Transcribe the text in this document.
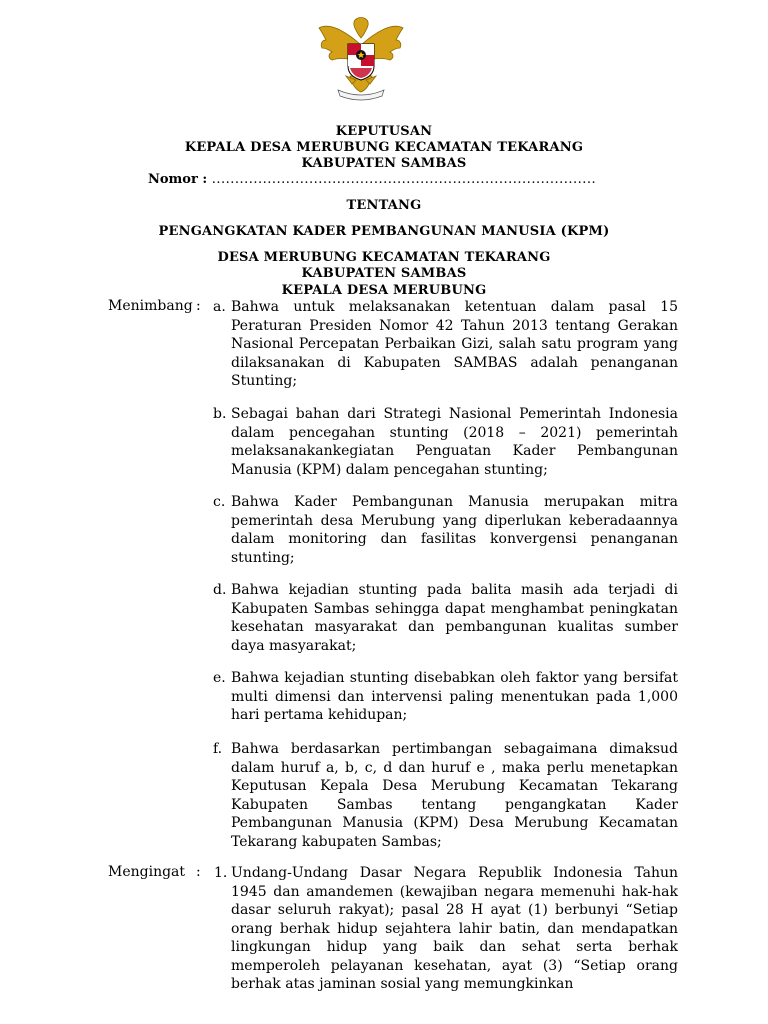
KEPUTUSAN
KEPALA DESA MERUBUNG KECAMATAN TEKARANG
KABUPATEN SAMBAS
Nomor : ...................................................................................
TENTANG
PENGANGKATAN KADER PEMBANGUNAN MANUSIA (KPM)
DESA MERUBUNG KECAMATAN TEKARANG
KABUPATEN SAMBAS
KEPALA DESA MERUBUNG
Menimbang : a. Bahwa untuk melaksanakan ketentuan dalam pasal 15 Peraturan Presiden Nomor 42 Tahun 2013 tentang Gerakan Nasional Percepatan Perbaikan Gizi, salah satu program yang dilaksanakan di Kabupaten SAMBAS adalah penanganan Stunting;
b. Sebagai bahan dari Strategi Nasional Pemerintah Indonesia dalam pencegahan stunting (2018 – 2021) pemerintah melaksanakankegiatan Penguatan Kader Pembangunan Manusia (KPM) dalam pencegahan stunting;
c. Bahwa Kader Pembangunan Manusia merupakan mitra pemerintah desa Merubung yang diperlukan keberadaannya dalam monitoring dan fasilitas konvergensi penanganan stunting;
d. Bahwa kejadian stunting pada balita masih ada terjadi di Kabupaten Sambas sehingga dapat menghambat peningkatan kesehatan masyarakat dan pembangunan kualitas sumber daya masyarakat;
e. Bahwa kejadian stunting disebabkan oleh faktor yang bersifat multi dimensi dan intervensi paling menentukan pada 1,000 hari pertama kehidupan;
f. Bahwa berdasarkan pertimbangan sebagaimana dimaksud dalam huruf a, b, c, d dan huruf e , maka perlu menetapkan Keputusan Kepala Desa Merubung Kecamatan Tekarang Kabupaten Sambas tentang pengangkatan Kader Pembangunan Manusia (KPM) Desa Merubung Kecamatan Tekarang kabupaten Sambas;
Mengingat : 1. Undang-Undang Dasar Negara Republik Indonesia Tahun 1945 dan amandemen (kewajiban negara memenuhi hak-hak dasar seluruh rakyat); pasal 28 H ayat (1) berbunyi “Setiap orang berhak hidup sejahtera lahir batin, dan mendapatkan lingkungan hidup yang baik dan sehat serta berhak memperoleh pelayanan kesehatan, ayat (3) “Setiap orang berhak atas jaminan sosial yang memungkinkan
